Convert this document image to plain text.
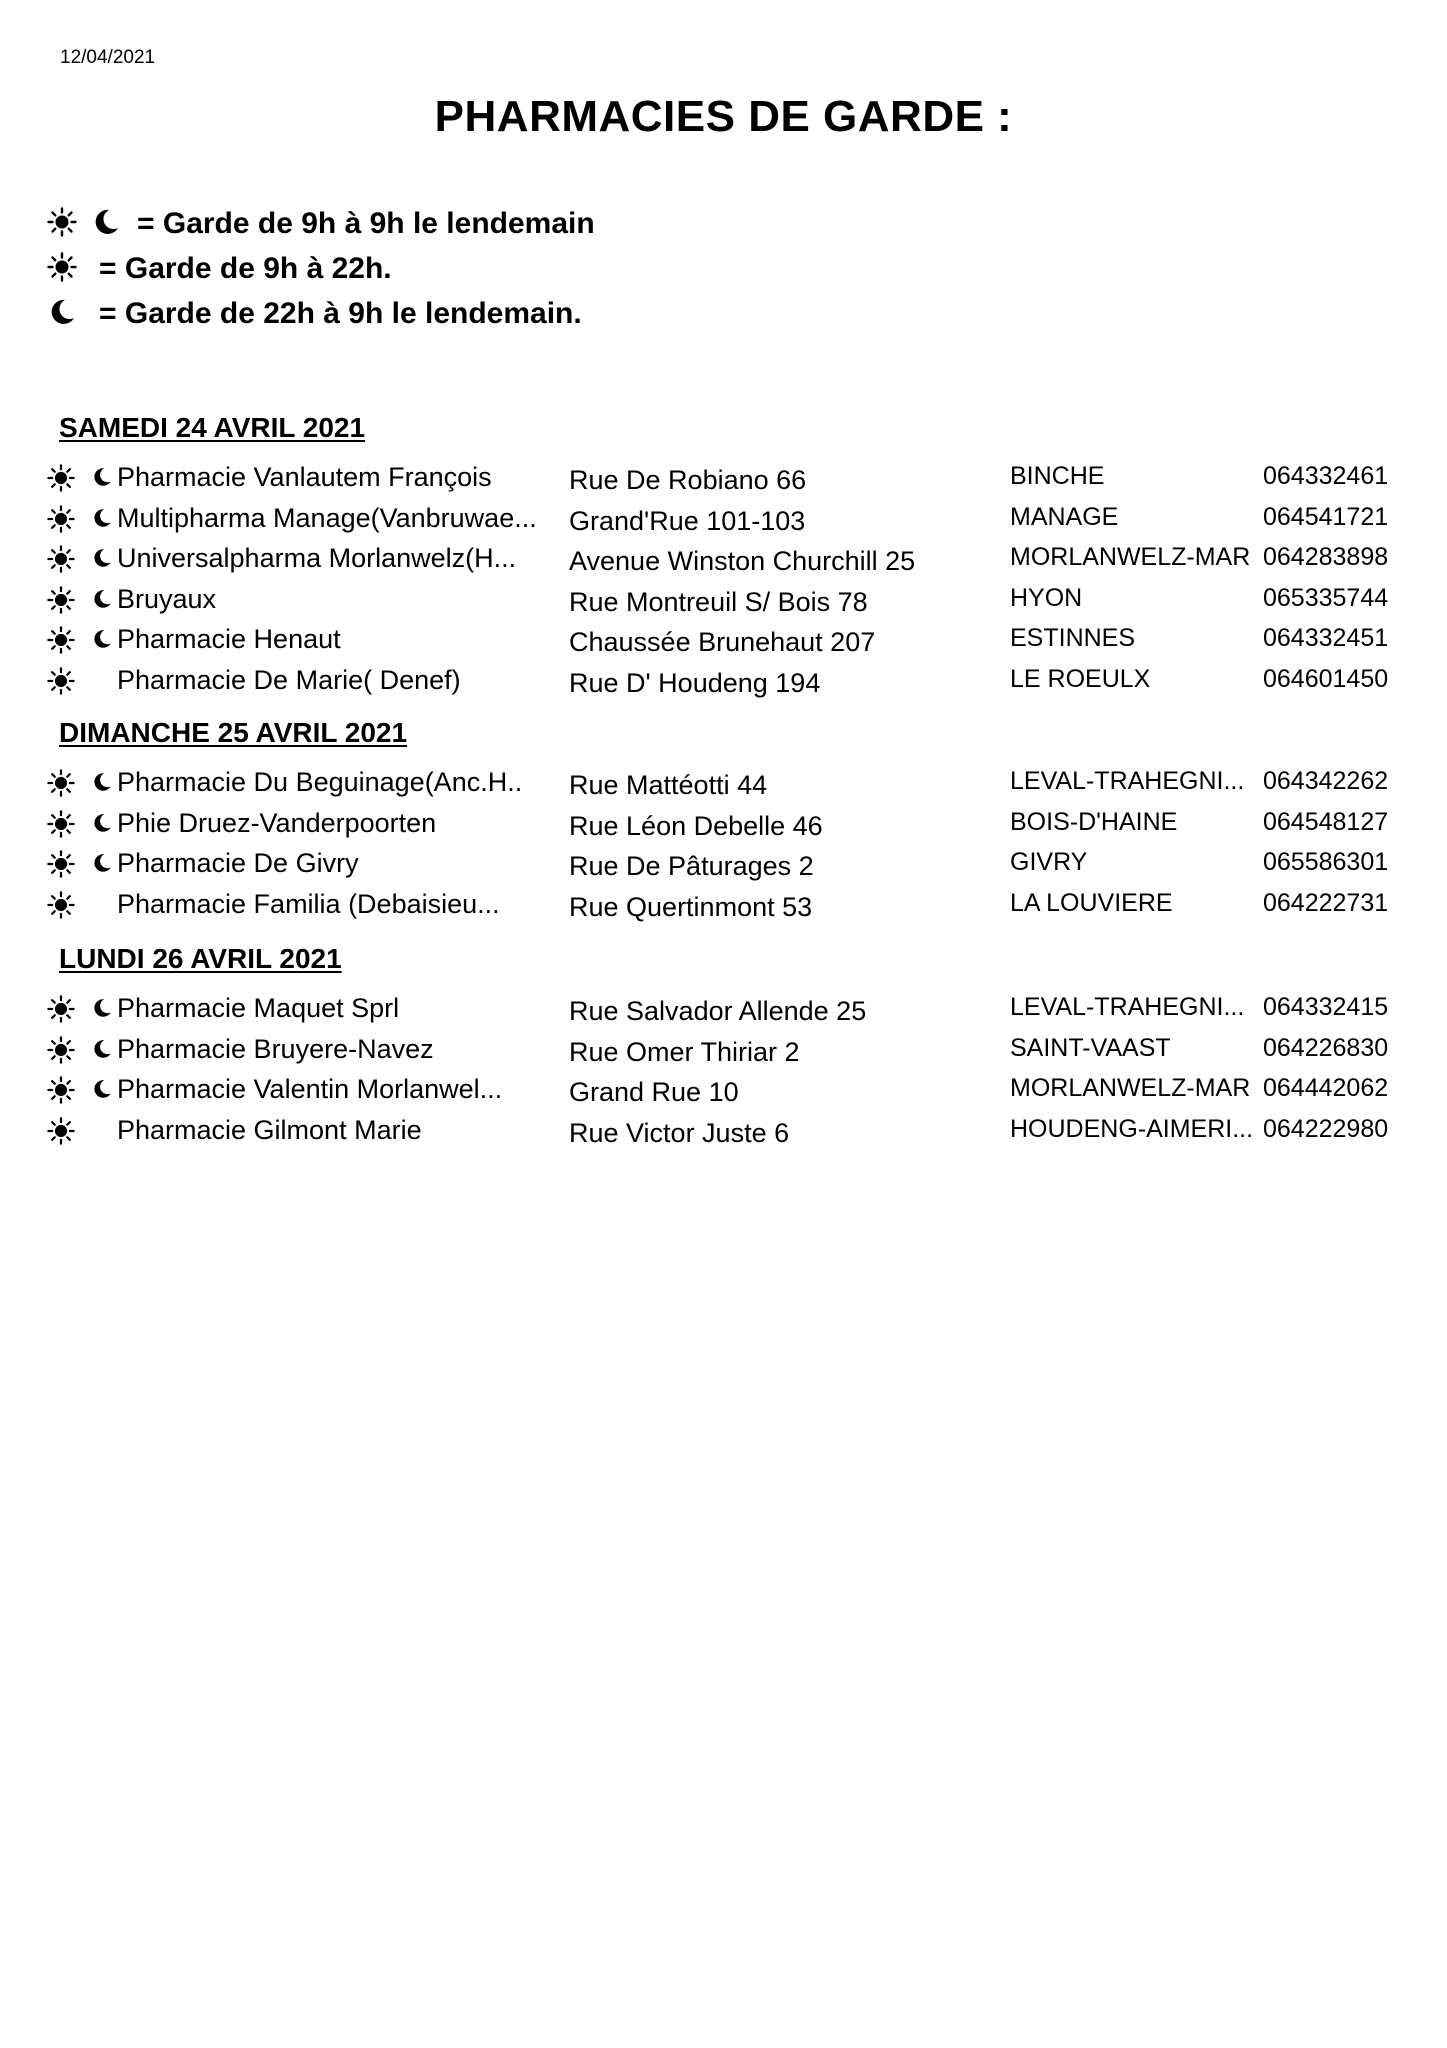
12/04/2021
PHARMACIES DE GARDE :
= Garde de 9h à 9h le lendemain
= Garde de 9h à 22h.
= Garde de 22h à 9h le lendemain.
SAMEDI 24 AVRIL 2021
Pharmacie Vanlautem François	Rue De Robiano 66	BINCHE	064332461
Multipharma Manage(Vanbruwae...	Grand'Rue 101-103	MANAGE	064541721
Universalpharma Morlanwelz(H...	Avenue Winston Churchill 25	MORLANWELZ-MAR 064283898
Bruyaux	Rue Montreuil S/ Bois 78	HYON	065335744
Pharmacie Henaut	Chaussée Brunehaut 207	ESTINNES	064332451
Pharmacie De Marie( Denef)	Rue D' Houdeng 194	LE ROEULX	064601450
DIMANCHE 25 AVRIL 2021
Pharmacie Du Beguinage(Anc.H..	Rue Mattéotti 44	LEVAL-TRAHEGNI... 064342262
Phie Druez-Vanderpoorten	Rue Léon Debelle 46	BOIS-D'HAINE	064548127
Pharmacie De Givry	Rue De Pâturages 2	GIVRY	065586301
Pharmacie Familia (Debaisieu...	Rue Quertinmont 53	LA LOUVIERE	064222731
LUNDI 26 AVRIL 2021
Pharmacie Maquet Sprl	Rue Salvador Allende 25	LEVAL-TRAHEGNI... 064332415
Pharmacie Bruyere-Navez	Rue Omer Thiriar 2	SAINT-VAAST	064226830
Pharmacie Valentin Morlanwel...	Grand Rue 10	MORLANWELZ-MAR 064442062
Pharmacie Gilmont Marie	Rue Victor Juste 6	HOUDENG-AIMERI... 064222980
